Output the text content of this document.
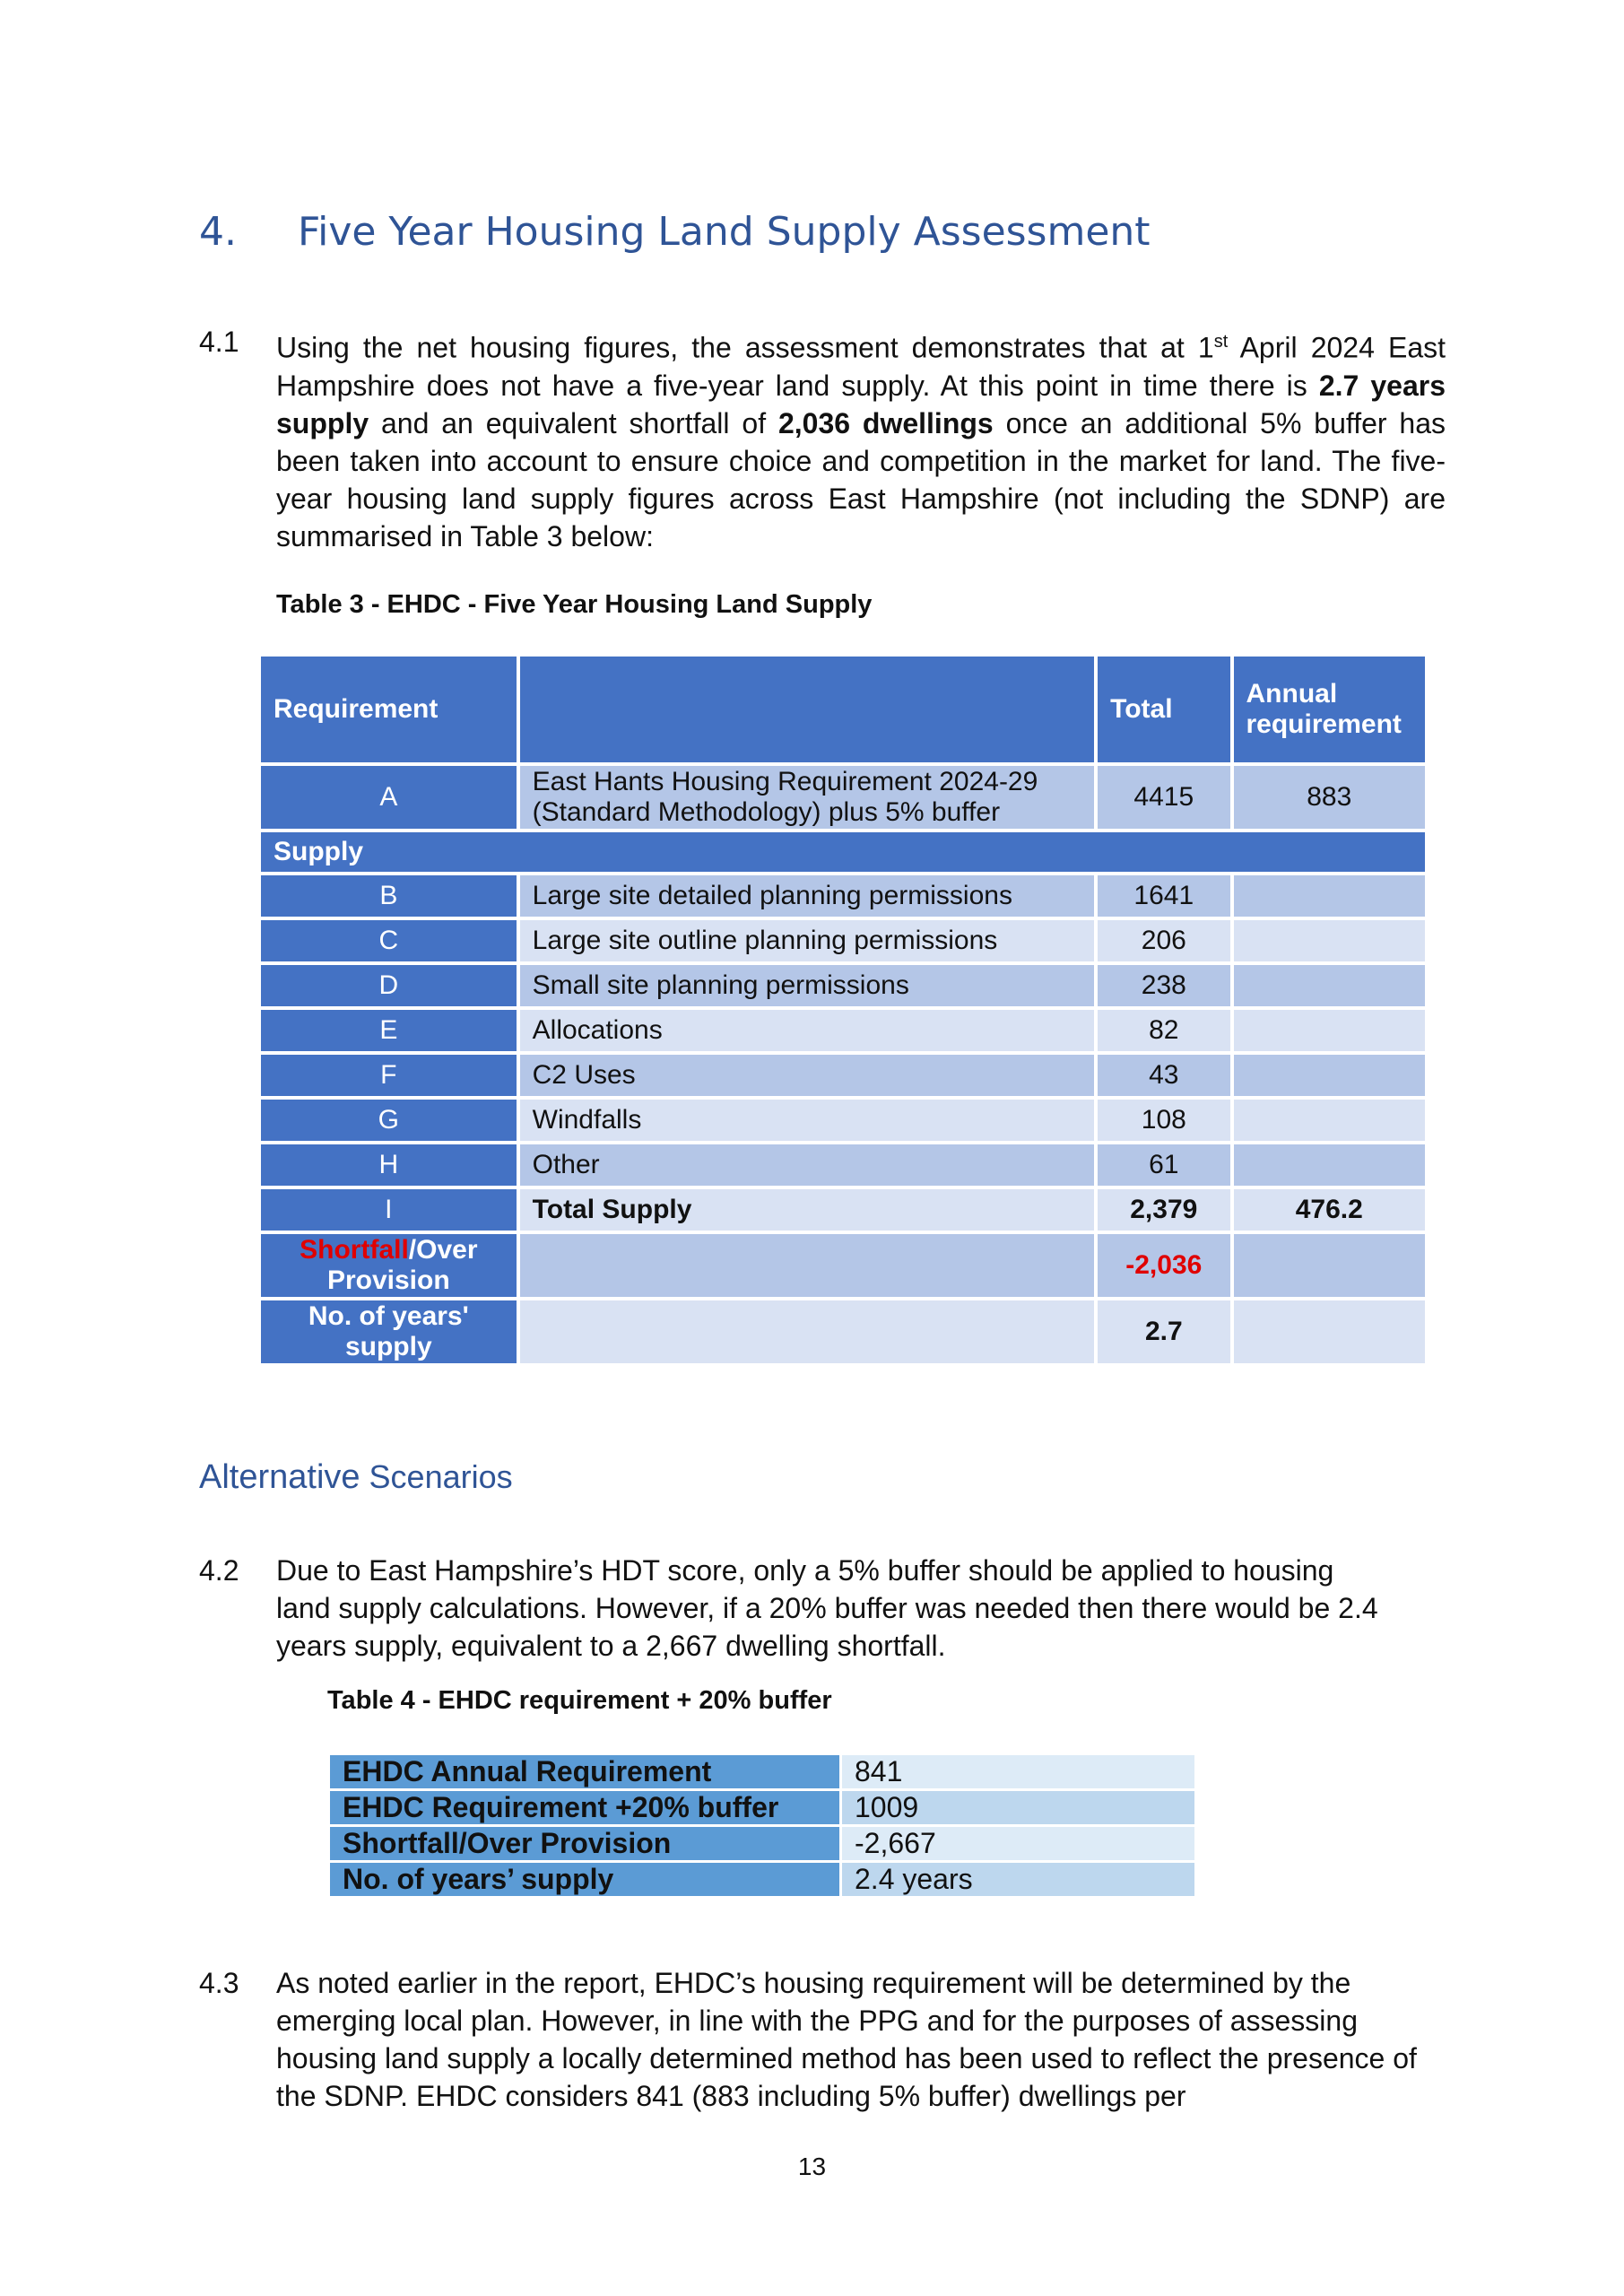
4. Five Year Housing Land Supply Assessment
4.1 Using the net housing figures, the assessment demonstrates that at 1st April 2024 East Hampshire does not have a five-year land supply. At this point in time there is 2.7 years supply and an equivalent shortfall of 2,036 dwellings once an additional 5% buffer has been taken into account to ensure choice and competition in the market for land. The five-year housing land supply figures across East Hampshire (not including the SDNP) are summarised in Table 3 below:
Table 3 - EHDC - Five Year Housing Land Supply
Requirement		Total	Annual requirement
A	East Hants Housing Requirement 2024-29 (Standard Methodology) plus 5% buffer	4415	883
Supply			
B	Large site detailed planning permissions	1641	
C	Large site outline planning permissions	206	
D	Small site planning permissions	238	
E	Allocations	82	
F	C2 Uses	43	
G	Windfalls	108	
H	Other	61	
I	Total Supply	2,379	476.2
Shortfall/Over Provision		-2,036	
No. of years' supply		2.7	
Alternative Scenarios
4.2 Due to East Hampshire’s HDT score, only a 5% buffer should be applied to housing land supply calculations. However, if a 20% buffer was needed then there would be 2.4 years supply, equivalent to a 2,667 dwelling shortfall.
Table 4 - EHDC requirement + 20% buffer
EHDC Annual Requirement	841
EHDC Requirement +20% buffer	1009
Shortfall/Over Provision	-2,667
No. of years’ supply	2.4 years
4.3 As noted earlier in the report, EHDC’s housing requirement will be determined by the emerging local plan. However, in line with the PPG and for the purposes of assessing housing land supply a locally determined method has been used to reflect the presence of the SDNP. EHDC considers 841 (883 including 5% buffer) dwellings per
13
